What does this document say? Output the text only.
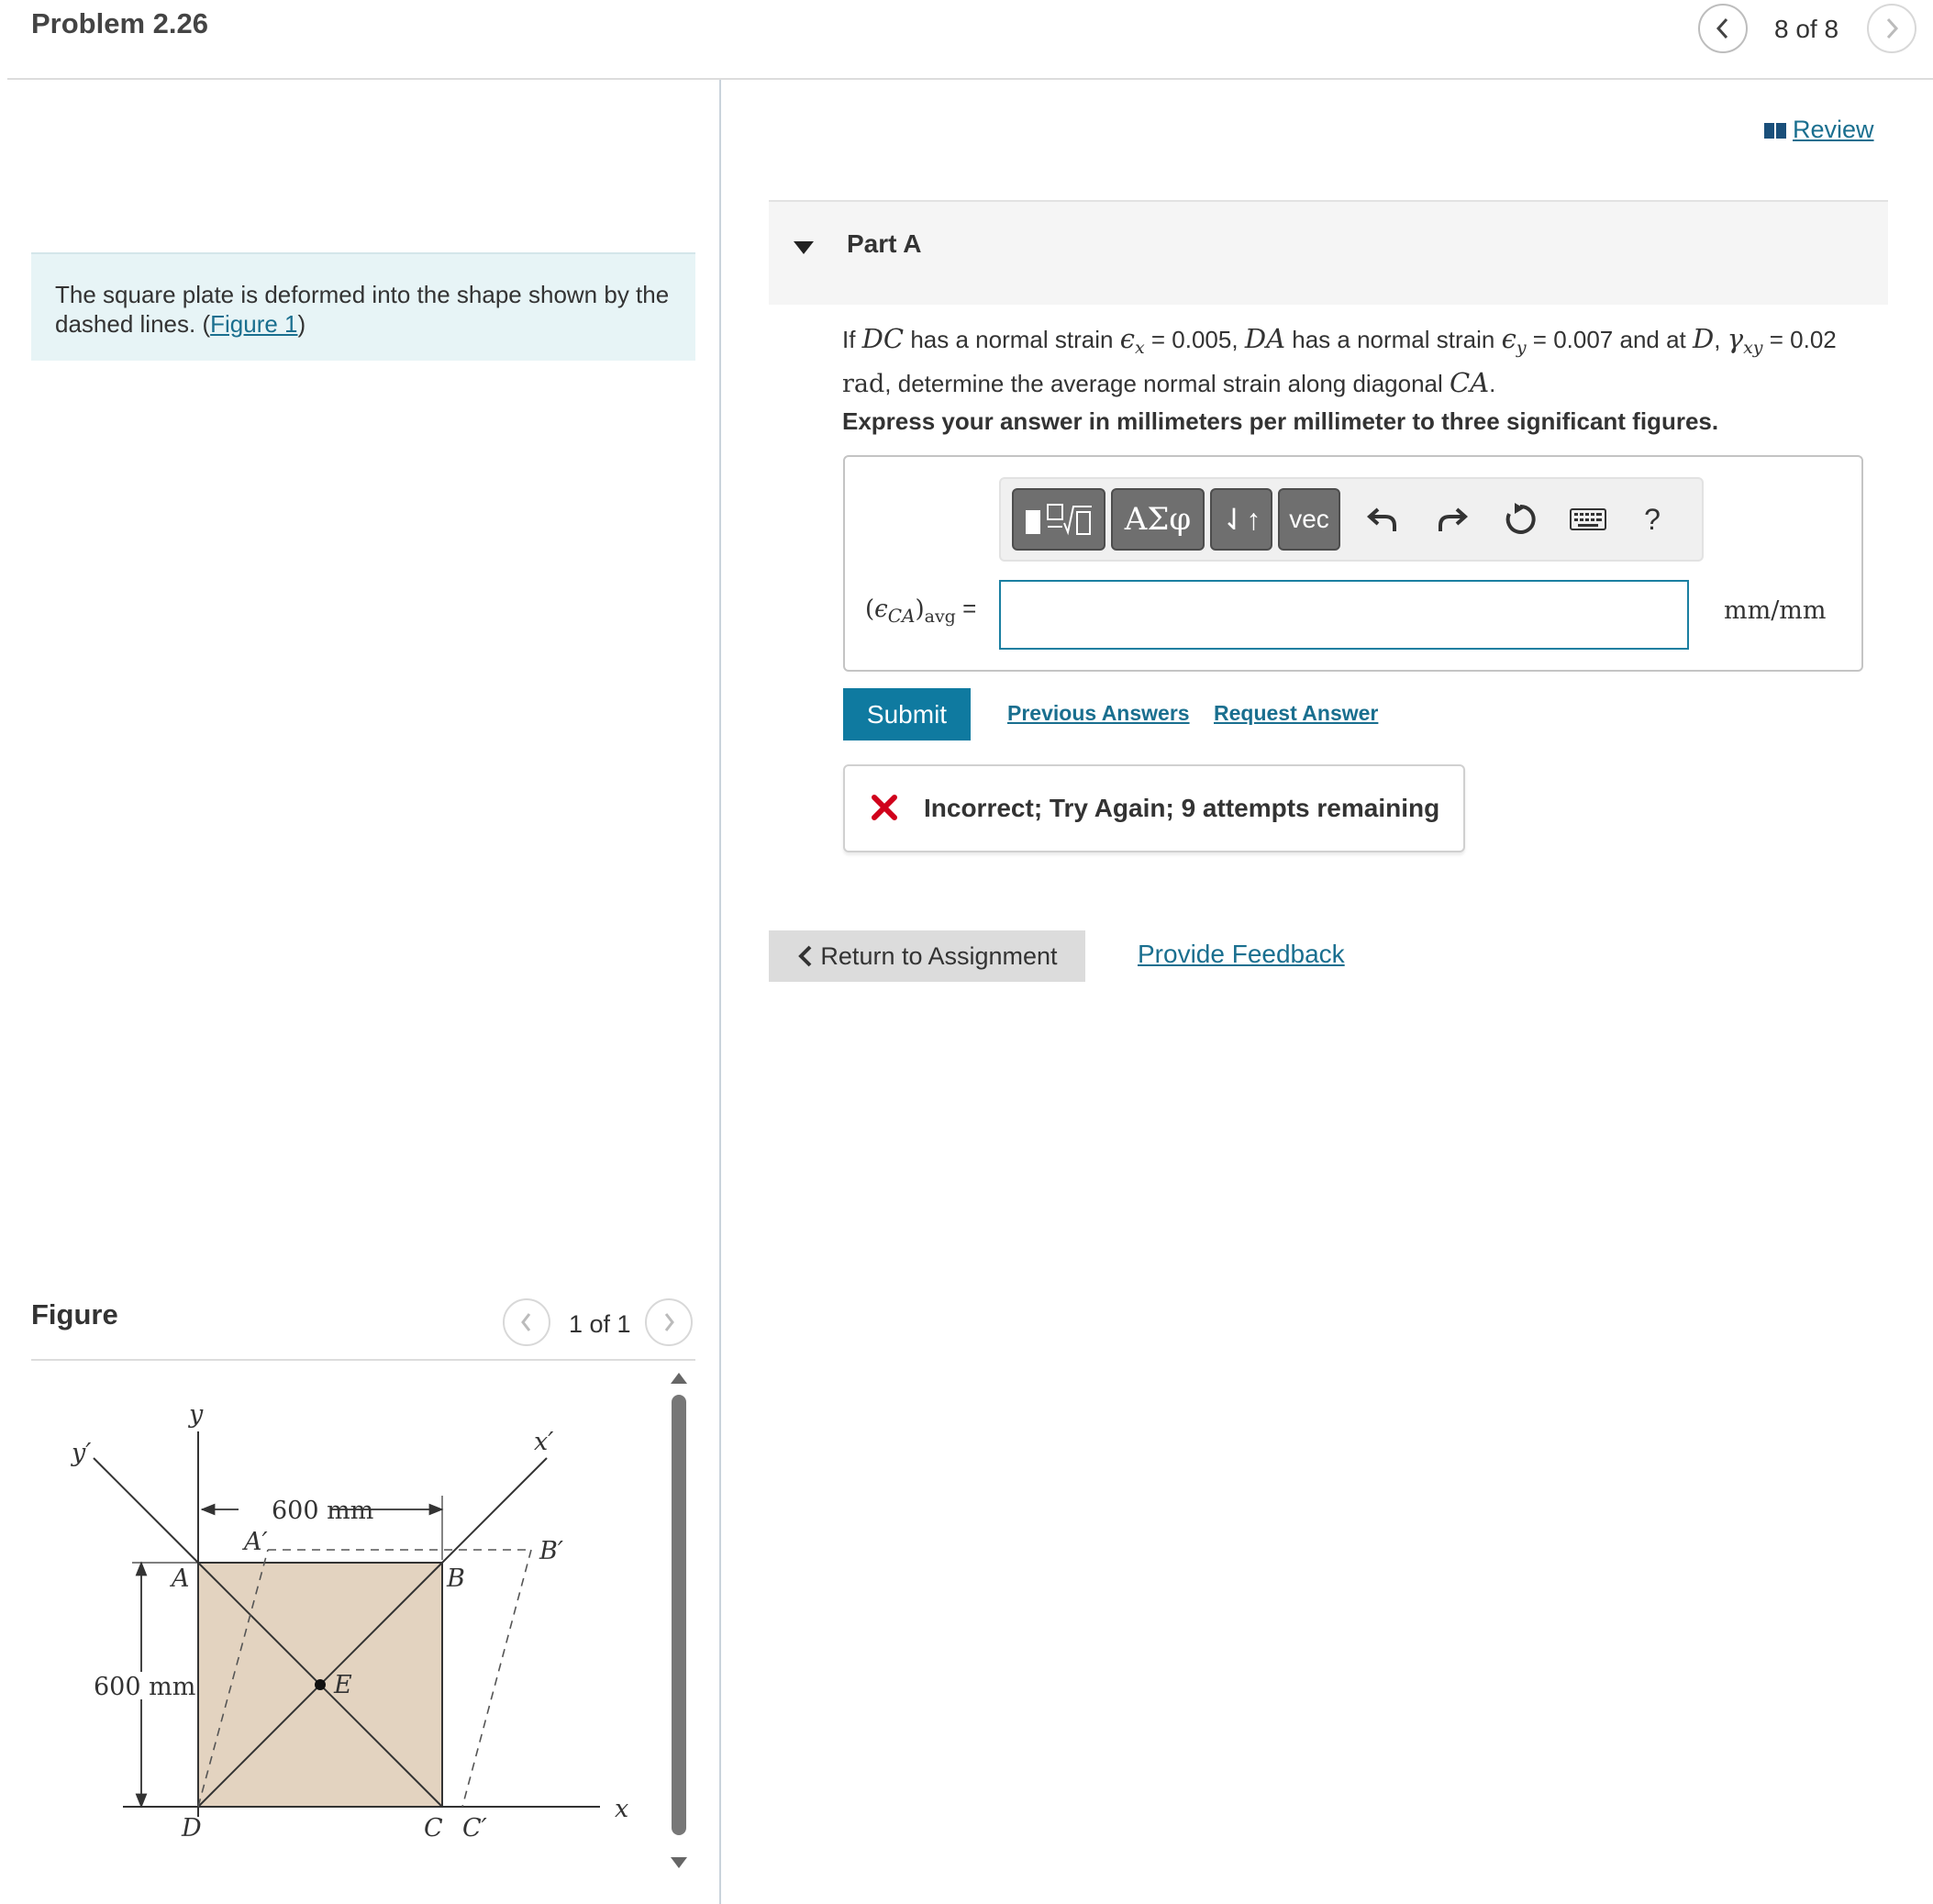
Problem 2.26	8 of 8
The square plate is deformed into the shape shown by the dashed lines. (Figure 1)
Figure	1 of 1
600 mm
600 mm
y
y′	x′
x
A
A′
B
B′
E
D	C C′
Review
Part A
If DC has a normal strain $\epsilon_x = 0.005$, DA has a normal strain $\epsilon_y = 0.007$ and at D, $\gamma_{xy} = 0.02$
rad, determine the average normal strain along diagonal CA.
Express your answer in millimeters per millimeter to three significant figures.
ΑΣφ	⇃↑	vec	?
$(\epsilon_{CA})_{avg}$ =	mm/mm
Submit	Previous Answers Request Answer
Incorrect; Try Again; 9 attempts remaining
Return to Assignment	Provide Feedback
